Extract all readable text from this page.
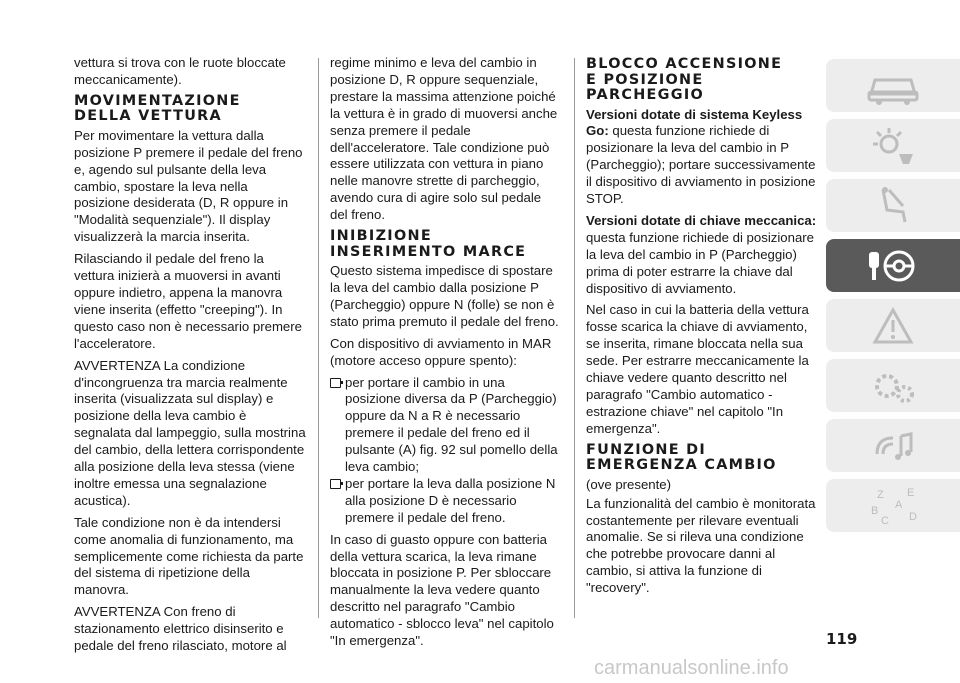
vettura si trova con le ruote bloccate meccanicamente).

MOVIMENTAZIONE
DELLA VETTURA

Per movimentare la vettura dalla posizione P premere il pedale del freno e, agendo sul pulsante della leva cambio, spostare la leva nella posizione desiderata (D, R oppure in "Modalità sequenziale"). Il display visualizzerà la marcia inserita.

Rilasciando il pedale del freno la vettura inizierà a muoversi in avanti oppure indietro, appena la manovra viene inserita (effetto "creeping"). In questo caso non è necessario premere l'acceleratore.

AVVERTENZA La condizione d'incongruenza tra marcia realmente inserita (visualizzata sul display) e posizione della leva cambio è segnalata dal lampeggio, sulla mostrina del cambio, della lettera corrispondente alla posizione della leva stessa (viene inoltre emessa una segnalazione acustica).

Tale condizione non è da intendersi come anomalia di funzionamento, ma semplicemente come richiesta da parte del sistema di ripetizione della manovra.

AVVERTENZA Con freno di stazionamento elettrico disinserito e pedale del freno rilasciato, motore al

regime minimo e leva del cambio in posizione D, R oppure sequenziale, prestare la massima attenzione poiché la vettura è in grado di muoversi anche senza premere il pedale dell'acceleratore. Tale condizione può essere utilizzata con vettura in piano nelle manovre strette di parcheggio, avendo cura di agire solo sul pedale del freno.

INIBIZIONE
INSERIMENTO MARCE

Questo sistema impedisce di spostare la leva del cambio dalla posizione P (Parcheggio) oppure N (folle) se non è stato prima premuto il pedale del freno.

Con dispositivo di avviamento in MAR (motore acceso oppure spento):

per portare il cambio in una posizione diversa da P (Parcheggio) oppure da N a R è necessario premere il pedale del freno ed il pulsante (A) fig. 92 sul pomello della leva cambio;
per portare la leva dalla posizione N alla posizione D è necessario premere il pedale del freno.

In caso di guasto oppure con batteria della vettura scarica, la leva rimane bloccata in posizione P. Per sbloccare manualmente la leva vedere quanto descritto nel paragrafo "Cambio automatico - sblocco leva" nel capitolo "In emergenza".

BLOCCO ACCENSIONE
E POSIZIONE
PARCHEGGIO

Versioni dotate di sistema Keyless Go: questa funzione richiede di posizionare la leva del cambio in P (Parcheggio); portare successivamente il dispositivo di avviamento in posizione STOP.

Versioni dotate di chiave meccanica: questa funzione richiede di posizionare la leva del cambio in P (Parcheggio) prima di poter estrarre la chiave dal dispositivo di avviamento.

Nel caso in cui la batteria della vettura fosse scarica la chiave di avviamento, se inserita, rimane bloccata nella sua sede. Per estrarre meccanicamente la chiave vedere quanto descritto nel paragrafo "Cambio automatico - estrazione chiave" nel capitolo "In emergenza".

FUNZIONE DI
EMERGENZA CAMBIO

(ove presente)

La funzionalità del cambio è monitorata costantemente per rilevare eventuali anomalie. Se si rileva una condizione che potrebbe provocare danni al cambio, si attiva la funzione di "recovery".

Z E
A
B
C D
119
carmanualsonline.info
